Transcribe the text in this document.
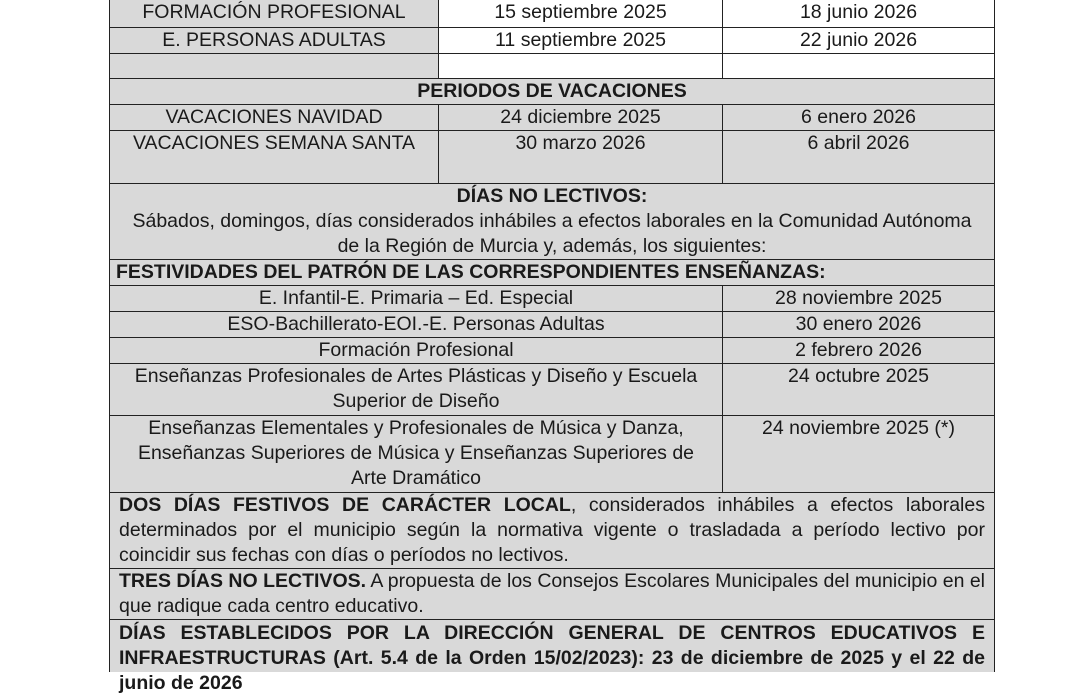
FORMACIÓN PROFESIONAL	15 septiembre 2025	18 junio 2026
E. PERSONAS ADULTAS	11 septiembre 2025	22 junio 2026

PERIODOS DE VACACIONES		
VACACIONES NAVIDAD	24 diciembre 2025	6 enero 2026
VACACIONES SEMANA SANTA	30 marzo 2026	6 abril 2026

DÍAS NO LECTIVOS:
Sábados, domingos, días considerados inhábiles a efectos laborales en la Comunidad Autónoma de la Región de Murcia y, además, los siguientes:		

FESTIVIDADES DEL PATRÓN DE LAS CORRESPONDIENTES ENSEÑANZAS:		
E. Infantil-E. Primaria – Ed. Especial		28 noviembre 2025
ESO-Bachillerato-EOI.-E. Personas Adultas		30 enero 2026
Formación Profesional		2 febrero 2026
Enseñanzas Profesionales de Artes Plásticas y Diseño y Escuela Superior de Diseño		24 octubre 2025
Enseñanzas Elementales y Profesionales de Música y Danza, Enseñanzas Superiores de Música y Enseñanzas Superiores de Arte Dramático		24 noviembre 2025 (*)
DOS DÍAS FESTIVOS DE CARÁCTER LOCAL, considerados inhábiles a efectos laborales determinados por el municipio según la normativa vigente o trasladada a período lectivo por coincidir sus fechas con días o períodos no lectivos.		
TRES DÍAS NO LECTIVOS. A propuesta de los Consejos Escolares Municipales del municipio en el que radique cada centro educativo.		

DÍAS ESTABLECIDOS POR LA DIRECCIÓN GENERAL DE CENTROS EDUCATIVOS E INFRAESTRUCTURAS (Art. 5.4 de la Orden 15/02/2023): 23 de diciembre de 2025 y el 22 de junio de 2026		
